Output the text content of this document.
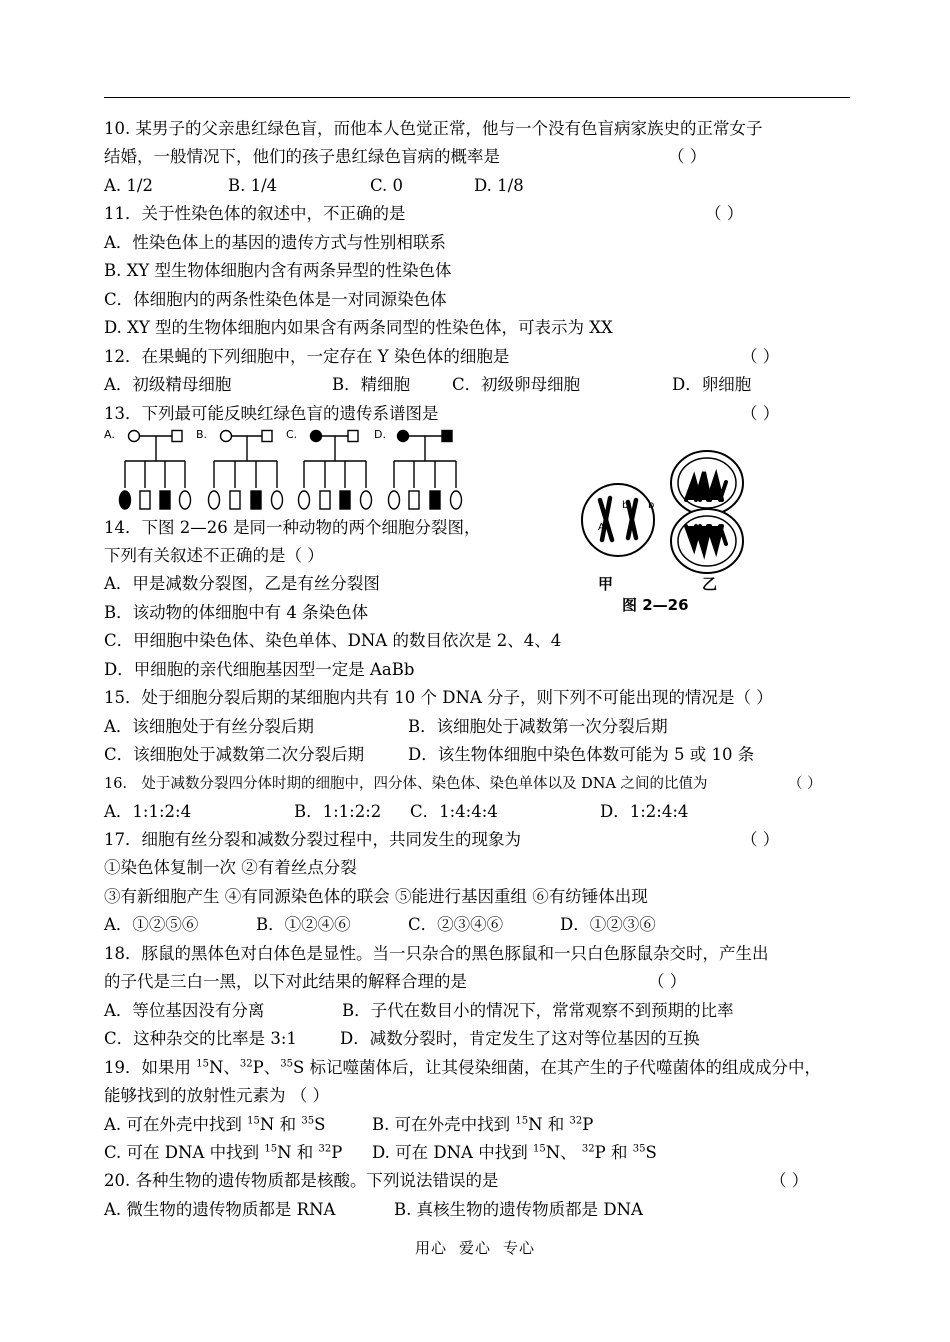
10. 某男子的父亲患红绿色盲，而他本人色觉正常，他与一个没有色盲病家族史的正常女子
结婚，一般情况下，他们的孩子患红绿色盲病的概率是	（ ）
A. 1/2	B. 1/4	C. 0	D. 1/8
11．关于性染色体的叙述中，不正确的是	（ ）
A．性染色体上的基因的遗传方式与性别相联系
B. XY 型生物体细胞内含有两条异型的性染色体
C．体细胞内的两条性染色体是一对同源染色体
D. XY 型的生物体细胞内如果含有两条同型的性染色体，可表示为 XX
12．在果蝇的下列细胞中，一定存在 Y 染色体的细胞是	（ ）
A．初级精母细胞	B．精细胞	C．初级卵母细胞	D．卵细胞
13．下列最可能反映红绿色盲的遗传系谱图是	（ ）
A.	B.	C.	D.
A
b b
甲	乙
图 2—26
14．下图 2—26 是同一种动物的两个细胞分裂图，
下列有关叙述不正确的是（ ）
A．甲是减数分裂图，乙是有丝分裂图
B．该动物的体细胞中有 4 条染色体
C．甲细胞中染色体、染色单体、DNA 的数目依次是 2、4、4
D．甲细胞的亲代细胞基因型一定是 AaBb
15．处于细胞分裂后期的某细胞内共有 10 个 DNA 分子，则下列不可能出现的情况是（ ）
A．该细胞处于有丝分裂后期	B．该细胞处于减数第一次分裂后期
C．该细胞处于减数第二次分裂后期	D．该生物体细胞中染色体数可能为 5 或 10 条
16． 处于减数分裂四分体时期的细胞中，四分体、染色体、染色单体以及 DNA 之间的比值为	（ ）
A．1:1:2:4	B．1:1:2:2 C．1:4:4:4	D．1:2:4:4
17．细胞有丝分裂和减数分裂过程中，共同发生的现象为	（ ）
①染色体复制一次 ②有着丝点分裂
③有新细胞产生 ④有同源染色体的联会 ⑤能进行基因重组 ⑥有纺锤体出现
A．①②⑤⑥	B．①②④⑥	C．②③④⑥	D．①②③⑥
18．豚鼠的黑体色对白体色是显性。当一只杂合的黑色豚鼠和一只白色豚鼠杂交时，产生出
的子代是三白一黑，以下对此结果的解释合理的是	（ ）
A．等位基因没有分离	B．子代在数目小的情况下，常常观察不到预期的比率
C．这种杂交的比率是 3:1	D．减数分裂时，肯定发生了这对等位基因的互换
19．如果用 $^{15}$N、$^{32}$P、$^{35}$S 标记噬菌体后，让其侵染细菌，在其产生的子代噬菌体的组成成分中，
能够找到的放射性元素为 （ ）
A. 可在外壳中找到 $^{15}$N 和 $^{35}$S	B. 可在外壳中找到 $^{15}$N 和 $^{32}$P
C. 可在 DNA 中找到 $^{15}$N 和 $^{32}$P D. 可在 DNA 中找到 $^{15}$N、 $^{32}$P 和 $^{35}$S
20. 各种生物的遗传物质都是核酸。下列说法错误的是	（ ）
A. 微生物的遗传物质都是 RNA	B. 真核生物的遗传物质都是 DNA
用心 爱心 专心
